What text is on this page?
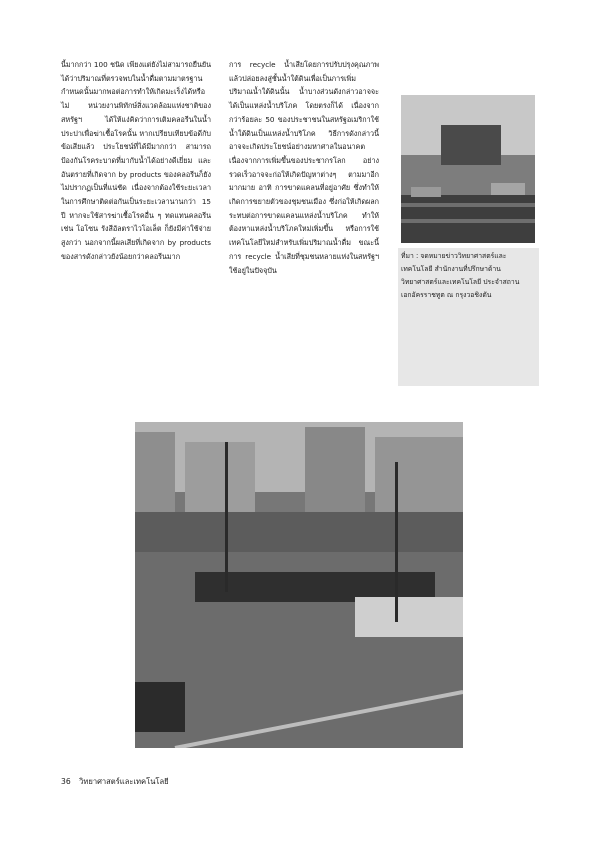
นี้มากกว่า 100 ชนิด เพียงแต่ยังไม่สามารถยืนยันได้ว่าปริมาณที่ตรวจพบในน้ำดื่มตามมาตรฐานกำหนดนั้นมากพอต่อการทำให้เกิดมะเร็งได้หรือไม่ หน่วยงานพิทักษ์สิ่งแวดล้อมแห่งชาติของสหรัฐฯ ได้ให้แง่คิดว่าการเติมคลอรีนในน้ำประปาเพื่อฆ่าเชื้อโรคนั้น หากเปรียบเทียบข้อดีกับข้อเสียแล้ว ประโยชน์ที่ได้มีมากกว่า สามารถป้องกันโรคระบาดที่มากับน้ำได้อย่างดีเยี่ยม และอันตรายที่เกิดจาก by products ของคลอรีนก็ยังไม่ปรากฏเป็นที่แน่ชัด เนื่องจากต้องใช้ระยะเวลาในการศึกษาติดต่อกันเป็นระยะเวลานานกว่า 15 ปี หากจะใช้สารฆ่าเชื้อโรคอื่น ๆ ทดแทนคลอรีน เช่น โอโซน รังสีอัลตราไวโอเล็ต ก็ยังมีค่าใช้จ่ายสูงกว่า นอกจากนี้ผลเสียที่เกิดจาก by products ของสารดังกล่าวยังน้อยกว่าคลอรีนมาก
การ recycle น้ำเสียโดยการปรับปรุงคุณภาพแล้วปล่อยลงสู่ชั้นน้ำใต้ดินเพื่อเป็นการเพิ่มปริมาณน้ำใต้ดินนั้น น้ำบางส่วนดังกล่าวอาจจะได้เป็นแหล่งน้ำบริโภค โดยตรงก็ได้ เนื่องจากกว่าร้อยละ 50 ของประชาชนในสหรัฐอเมริกาใช้น้ำใต้ดินเป็นแหล่งน้ำบริโภค วิธีการดังกล่าวนี้อาจจะเกิดประโยชน์อย่างมหาศาลในอนาคต เนื่องจากการเพิ่มขึ้นของประชากรโลก อย่างรวดเร็วอาจจะก่อให้เกิดปัญหาต่างๆ ตามมาอีกมากมาย อาทิ การขาดแคลนที่อยู่อาศัย ซึ่งทำให้เกิดการขยายตัวของชุมชนเมือง ซึ่งก่อให้เกิดผลกระทบต่อการขาดแคลนแหล่งน้ำบริโภค ทำให้ต้องหาแหล่งน้ำบริโภคใหม่เพิ่มขึ้น หรือการใช้เทคโนโลยีใหม่สำหรับเพิ่มปริมาณน้ำดื่ม ขณะนี้การ recycle น้ำเสียที่ชุมชนหลายแห่งในสหรัฐฯ ใช้อยู่ในปัจจุบัน
ที่มา : จดหมายข่าววิทยาศาสตร์และเทคโนโลยี สำนักงานที่ปรึกษาด้านวิทยาศาสตร์และเทคโนโลยี ประจำสถานเอกอัครราชทูต ณ กรุงวอชิงตัน
36 วิทยาศาสตร์และเทคโนโลยี
